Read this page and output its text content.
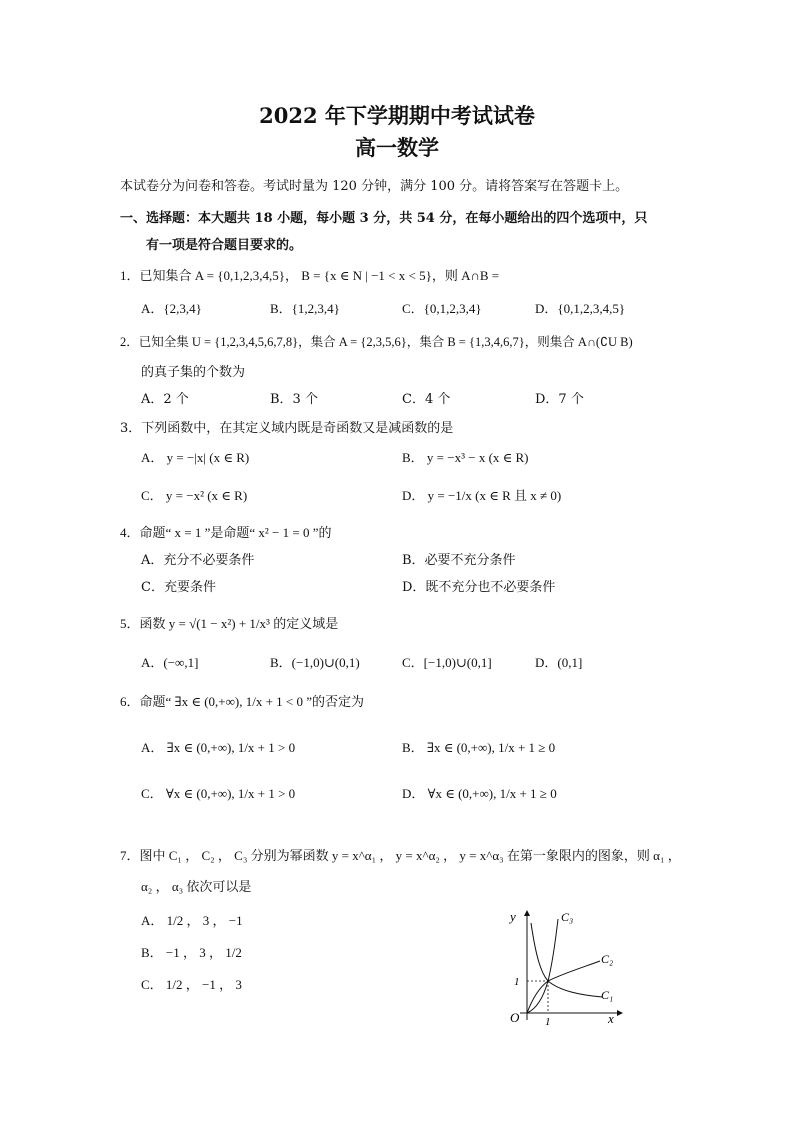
2022 年下学期期中考试试卷
高一数学
本试卷分为问卷和答卷。考试时量为 120 分钟，满分 100 分。请将答案写在答题卡上。
一、选择题：本大题共 18 小题，每小题 3 分，共 54 分，在每小题给出的四个选项中，只
有一项是符合题目要求的。
1．已知集合 A = {0,1,2,3,4,5}， B = {x ∈ N | −1 < x < 5}，则 A∩B =
A．{2,3,4}	B．{1,2,3,4}	C．{0,1,2,3,4}	D．{0,1,2,3,4,5}
2．已知全集 U = {1,2,3,4,5,6,7,8}，集合 A = {2,3,5,6}，集合 B = {1,3,4,6,7}，则集合 A∩(∁U B)
的真子集的个数为
A．2 个	B．3 个	C．4 个	D．7 个
3．下列函数中，在其定义域内既是奇函数又是减函数的是
A． y = −|x| (x ∈ R)	B． y = −x³ − x (x ∈ R)
C． y = −x² (x ∈ R)	D． y = −1/x (x ∈ R 且 x ≠ 0)
4．命题“ x = 1 ”是命题“ x² − 1 = 0 ”的
A．充分不必要条件	B．必要不充分条件
C．充要条件	D．既不充分也不必要条件
5．函数 y = √(1 − x²) + 1/x³ 的定义域是
A．(−∞,1]	B．(−1,0)∪(0,1)	C．[−1,0)∪(0,1]	D．(0,1]
6．命题“ ∃x ∈ (0,+∞), 1/x + 1 < 0 ”的否定为
A． ∃x ∈ (0,+∞), 1/x + 1 > 0	B． ∃x ∈ (0,+∞), 1/x + 1 ≥ 0
C． ∀x ∈ (0,+∞), 1/x + 1 > 0	D． ∀x ∈ (0,+∞), 1/x + 1 ≥ 0
7．图中 C₁ ， C₂ ， C₃ 分别为幂函数 y = x^α₁ ， y = x^α₂ ， y = x^α₃ 在第一象限内的图象，则 α₁ ，
α₂ ， α₃ 依次可以是
A． 1/2 ， 3 ， −1
B． −1 ， 3 ， 1/2
C． 1/2 ， −1 ， 3
y
x
O
1
1
C₃
C₂
C₁
